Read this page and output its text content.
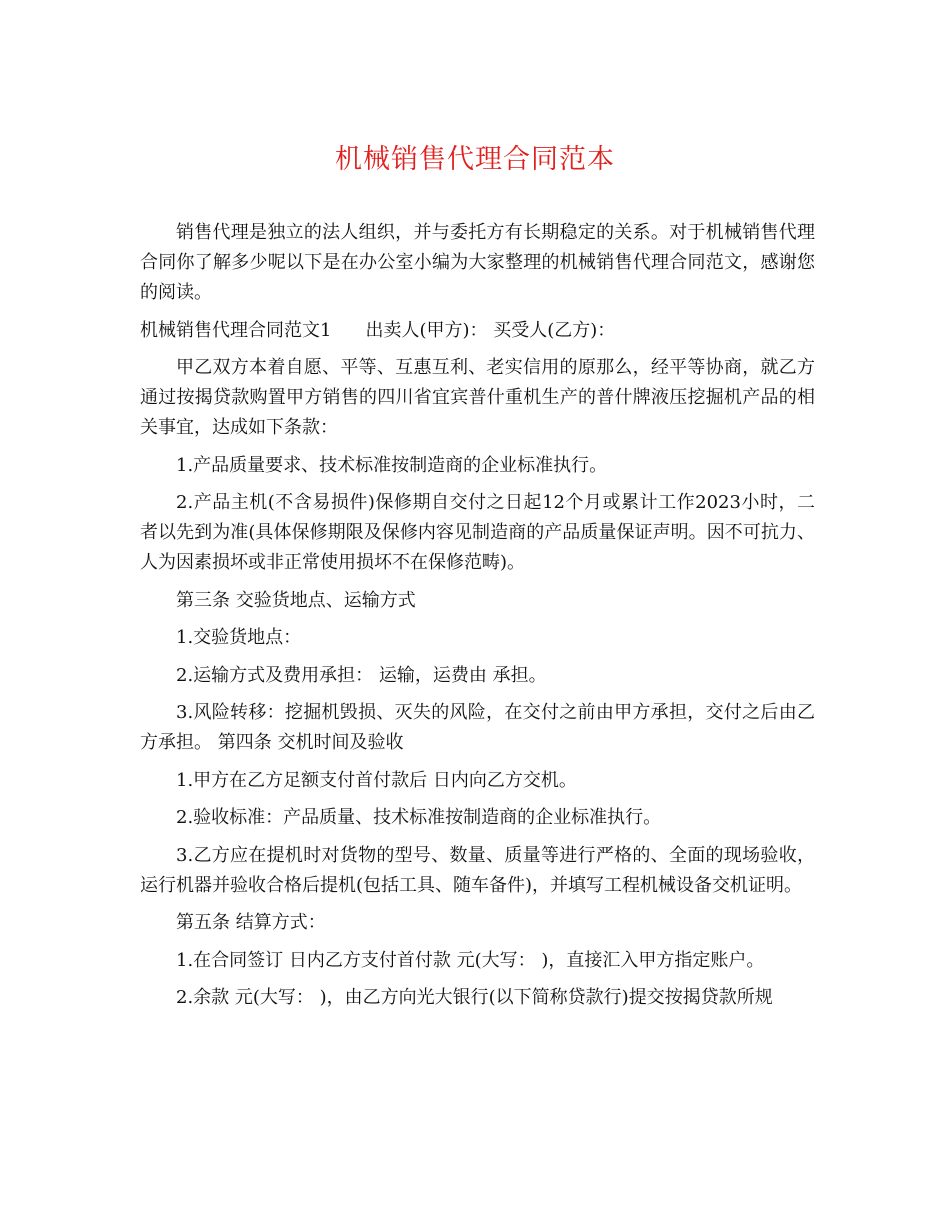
机械销售代理合同范本

销售代理是独立的法人组织，并与委托方有长期稳定的关系。对于机械销售代理合同你了解多少呢以下是在办公室小编为大家整理的机械销售代理合同范文，感谢您的阅读。

机械销售代理合同范文1 出卖人(甲方)： 买受人(乙方)：

甲乙双方本着自愿、平等、互惠互利、老实信用的原那么，经平等协商，就乙方通过按揭贷款购置甲方销售的四川省宜宾普什重机生产的普什牌液压挖掘机产品的相关事宜，达成如下条款：

1.产品质量要求、技术标准按制造商的企业标准执行。

2.产品主机(不含易损件)保修期自交付之日起12个月或累计工作2023小时，二者以先到为准(具体保修期限及保修内容见制造商的产品质量保证声明。因不可抗力、人为因素损坏或非正常使用损坏不在保修范畴)。

第三条 交验货地点、运输方式

1.交验货地点：

2.运输方式及费用承担： 运输，运费由 承担。

3.风险转移：挖掘机毁损、灭失的风险，在交付之前由甲方承担，交付之后由乙方承担。 第四条 交机时间及验收

1.甲方在乙方足额支付首付款后 日内向乙方交机。

2.验收标准：产品质量、技术标准按制造商的企业标准执行。

3.乙方应在提机时对货物的型号、数量、质量等进行严格的、全面的现场验收，运行机器并验收合格后提机(包括工具、随车备件)，并填写工程机械设备交机证明。

第五条 结算方式：

1.在合同签订 日内乙方支付首付款 元(大写： )，直接汇入甲方指定账户。

2.余款 元(大写： )，由乙方向光大银行(以下简称贷款行)提交按揭贷款所规
